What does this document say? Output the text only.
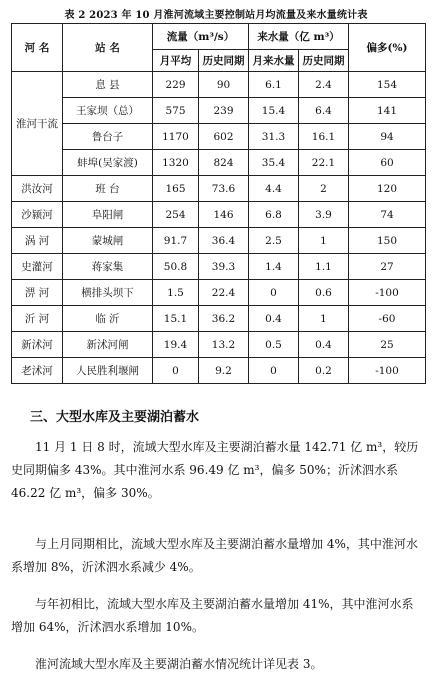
表 2 2023 年 10 月淮河流域主要控制站月均流量及来水量统计表
河 名	站 名	流量（m³/s）		来水量（亿 m³）		偏多(%)
		月平均	历史同期	月来水量	历史同期	
淮河干流	息 县	229	90	6.1	2.4	154
	王家坝（总）	575	239	15.4	6.4	141
	鲁台子	1170	602	31.3	16.1	94
	蚌埠(吴家渡)	1320	824	35.4	22.1	60
洪汝河	班 台	165	73.6	4.4	2	120
沙颍河	阜阳闸	254	146	6.8	3.9	74
涡 河	蒙城闸	91.7	36.4	2.5	1	150
史灌河	蒋家集	50.8	39.3	1.4	1.1	27
淠 河	横排头坝下	1.5	22.4	0	0.6	-100
沂 河	临 沂	15.1	36.2	0.4	1	-60
新沭河	新沭河闸	19.4	13.2	0.5	0.4	25
老沭河	人民胜利堰闸	0	9.2	0	0.2	-100
三、大型水库及主要湖泊蓄水
11 月 1 日 8 时，流域大型水库及主要湖泊蓄水量 142.71 亿 m³，较历史同期偏多 43%。其中淮河水系 96.49 亿 m³，偏多 50%；沂沭泗水系 46.22 亿 m³，偏多 30%。
与上月同期相比，流域大型水库及主要湖泊蓄水量增加 4%，其中淮河水系增加 8%，沂沭泗水系减少 4%。
与年初相比，流域大型水库及主要湖泊蓄水量增加 41%，其中淮河水系增加 64%，沂沭泗水系增加 10%。
淮河流域大型水库及主要湖泊蓄水情况统计详见表 3。
